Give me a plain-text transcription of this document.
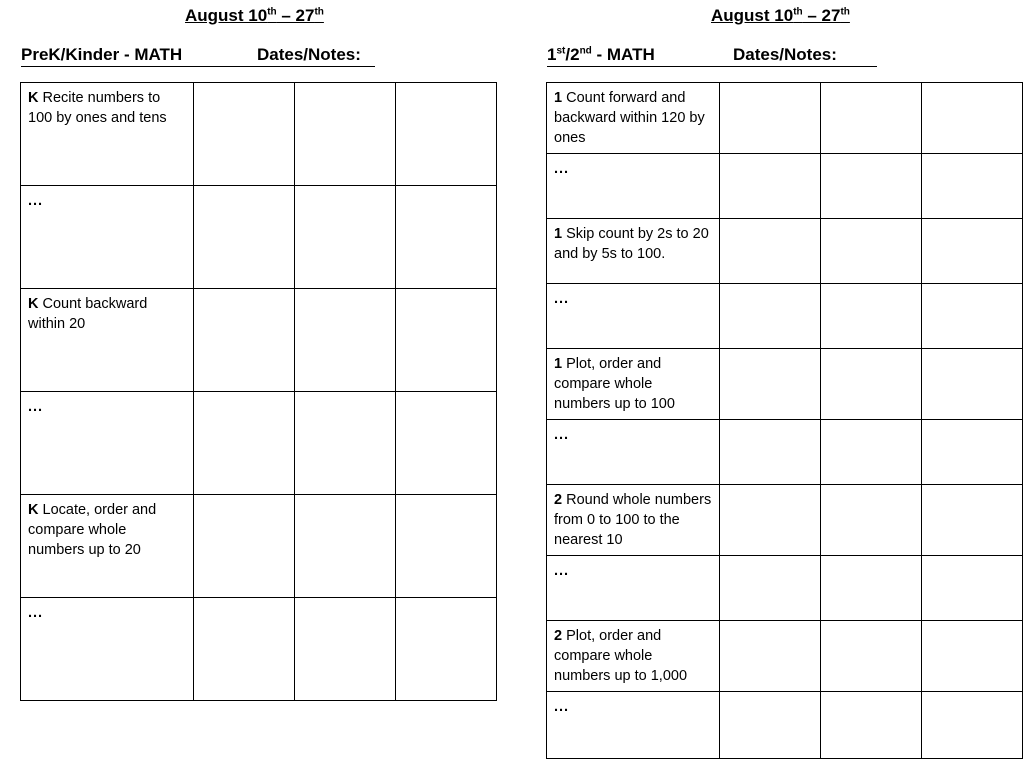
August 10th – 27th
PreK/Kinder - MATH	Dates/Notes:
K Recite numbers to 100 by ones and tens			
...			
K Count backward within 20			
...			
K Locate, order and compare whole numbers up to 20			
...			
August 10th – 27th
1st/2nd - MATH	Dates/Notes:
1 Count forward and backward within 120 by ones			
...			
1 Skip count by 2s to 20 and by 5s to 100.			
...			
1 Plot, order and compare whole numbers up to 100			
...			
2 Round whole numbers from 0 to 100 to the nearest 10			
...			
2 Plot, order and compare whole numbers up to 1,000			
...			
